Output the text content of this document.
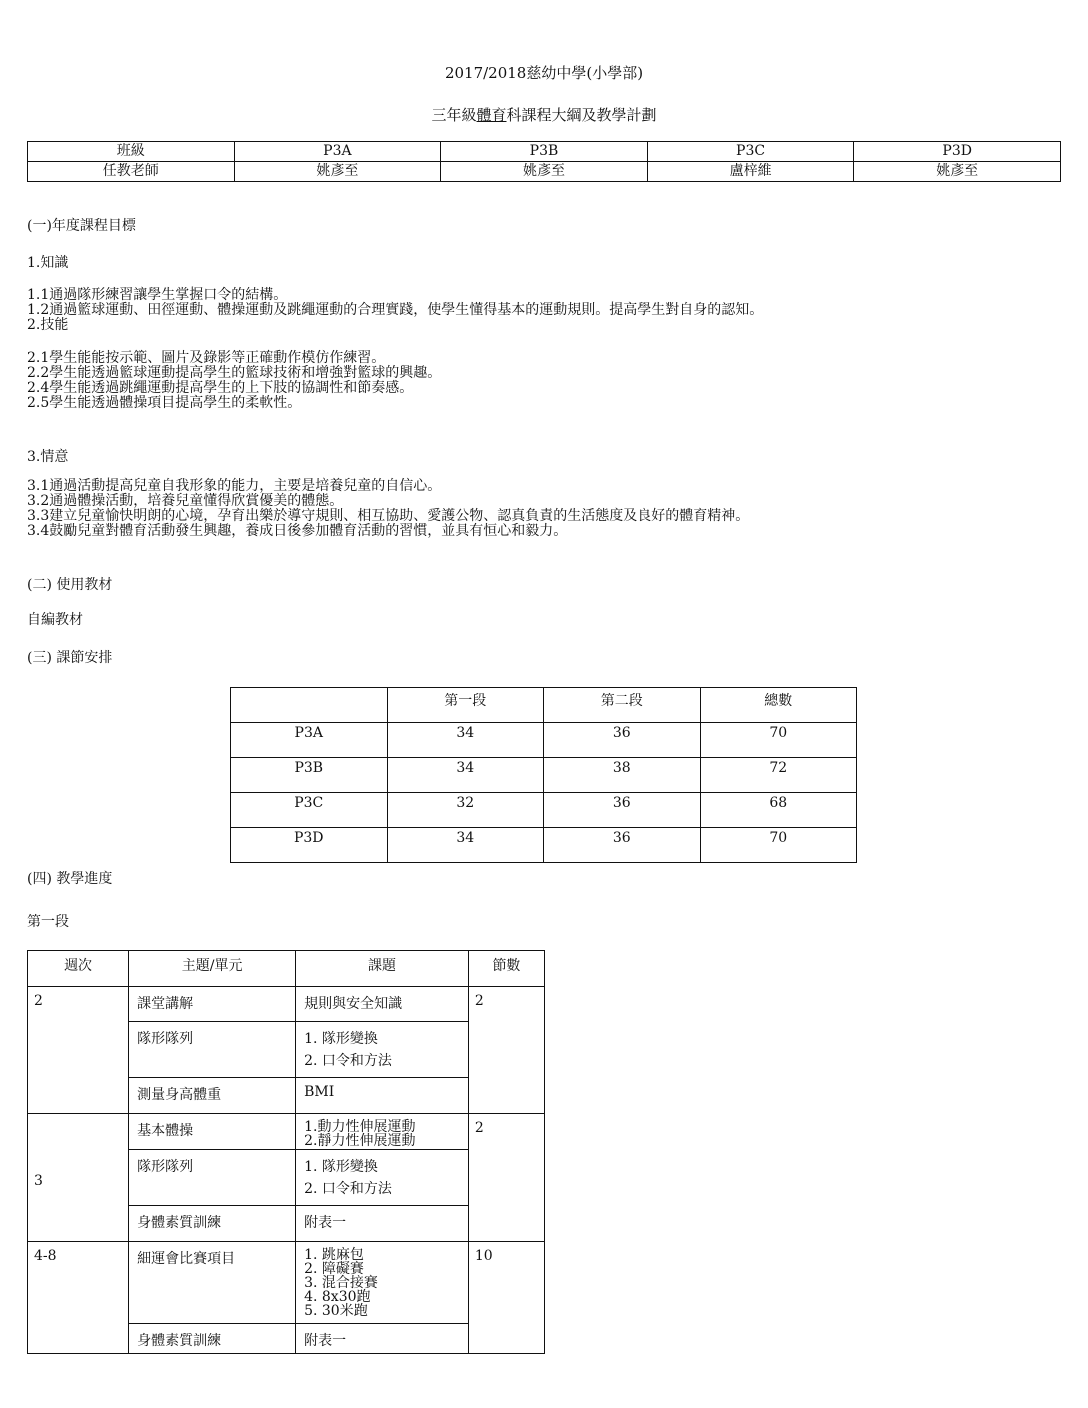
2017/2018慈幼中學(小學部)
三年級體育科課程大綱及教學計劃
班級	P3A	P3B	P3C	P3D
任教老師	姚彥至	姚彥至	盧梓維	姚彥至
(一)年度課程目標
1.知識
1.1通過隊形練習讓學生掌握口令的結構。
1.2通過籃球運動、田徑運動、體操運動及跳繩運動的合理實踐，使學生懂得基本的運動規則。提高學生對自身的認知。
2.技能
2.1學生能能按示範、圖片及錄影等正確動作模仿作練習。
2.2學生能透過籃球運動提高學生的籃球技術和增強對籃球的興趣。
2.4學生能透過跳繩運動提高學生的上下肢的協調性和節奏感。
2.5學生能透過體操項目提高學生的柔軟性。
3.情意
3.1通過活動提高兒童自我形象的能力，主要是培養兒童的自信心。
3.2通過體操活動，培養兒童懂得欣賞優美的體態。
3.3建立兒童愉快明朗的心境，孕育出樂於導守規則、相互協助、愛護公物、認真負責的生活態度及良好的體育精神。
3.4鼓勵兒童對體育活動發生興趣，養成日後參加體育活動的習慣，並具有恒心和毅力。
(二) 使用教材
自編教材
(三) 課節安排
	第一段	第二段	總數
P3A	34	36	70
P3B	34	38	72
P3C	32	36	68
P3D	34	36	70
(四) 教學進度
第一段
週次	主題/單元	課題	節數
2	課堂講解	規則與安全知識	2
	隊形隊列	1. 隊形變換
2. 口令和方法	

	測量身高體重	BMI	
3	基本體操	1.動力性伸展運動
2.靜力性伸展運動	2
	隊形隊列	1. 隊形變換
2. 口令和方法	

	身體素質訓練	附表一	
4-8	細運會比賽項目	1. 跳麻包
2. 障礙賽
3. 混合接賽
4. 8x30跑
5. 30米跑	10
	身體素質訓練	附表一	
